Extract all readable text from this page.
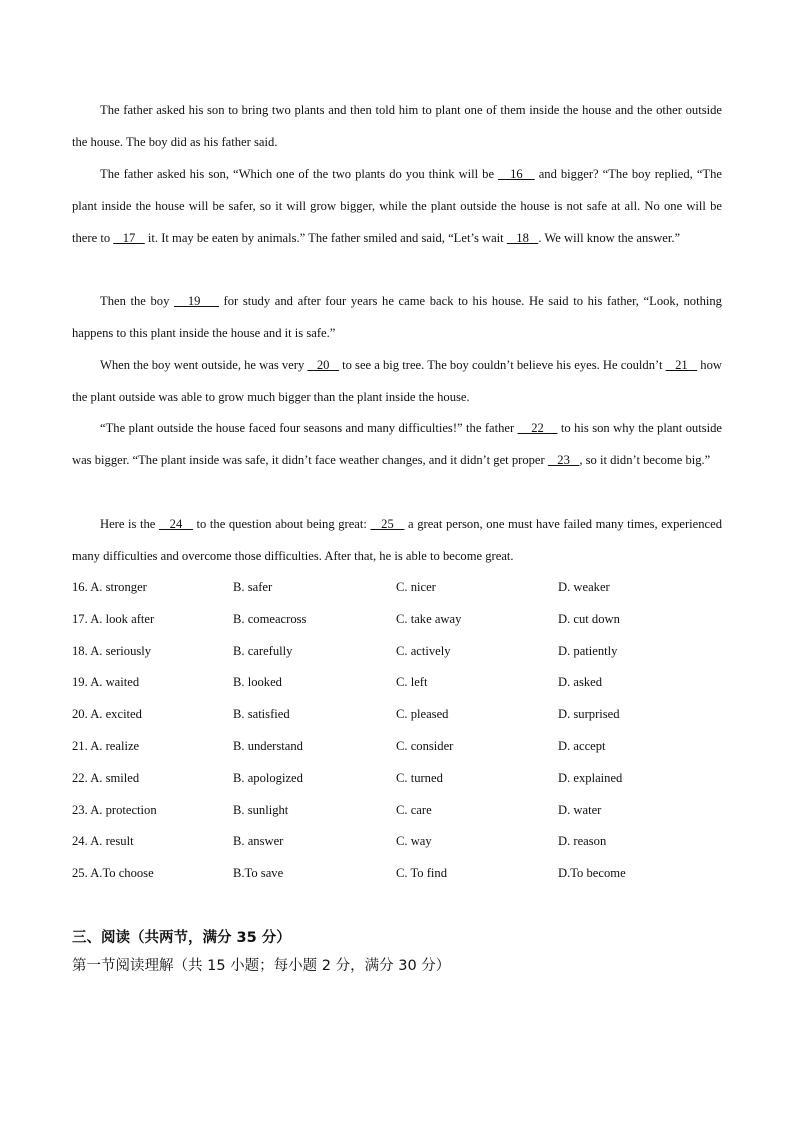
The father asked his son to bring two plants and then told him to plant one of them inside the house and the other outside the house. The boy did as his father said.

The father asked his son, “Which one of the two plants do you think will be    16    and bigger? “The boy replied, “The plant inside the house will be safer, so it will grow bigger, while the plant outside the house is not safe at all. No one will be there to    17    it. It may be eaten by animals.” The father smiled and said, “Let’s wait    18   . We will know the answer.”

Then the boy    19     for study and after four years he came back to his house. He said to his father, “Look, nothing happens to this plant inside the house and it is safe.”

When the boy went outside, he was very    20    to see a big tree. The boy couldn’t believe his eyes. He couldn’t    21    how the plant outside was able to grow much bigger than the plant inside the house.

“The plant outside the house faced four seasons and many difficulties!” the father     22     to his son why the plant outside was bigger. “The plant inside was safe, it didn’t face weather changes, and it didn’t get proper    23   , so it didn’t become big.”

Here is the    24    to the question about being great:    25    a great person, one must have failed many times, experienced many difficulties and overcome those difficulties. After that, he is able to become great.

16. A. stronger	B. safer	C. nicer	D. weaker
17. A. look after	B. comeacross	C. take away	D. cut down
18. A. seriously	B. carefully	C. actively	D. patiently
19. A. waited	B. looked	C. left	D. asked
20. A. excited	B. satisfied	C. pleased	D. surprised
21. A. realize	B. understand	C. consider	D. accept
22. A. smiled	B. apologized	C. turned	D. explained
23. A. protection	B. sunlight	C. care	D. water
24. A. result	B. answer	C. way	D. reason
25. A.To choose	B.To save	C. To find	D.To become

三、阅读（共两节，满分 35 分）

第一节阅读理解（共 15 小题；每小题 2 分，满分 30 分）
